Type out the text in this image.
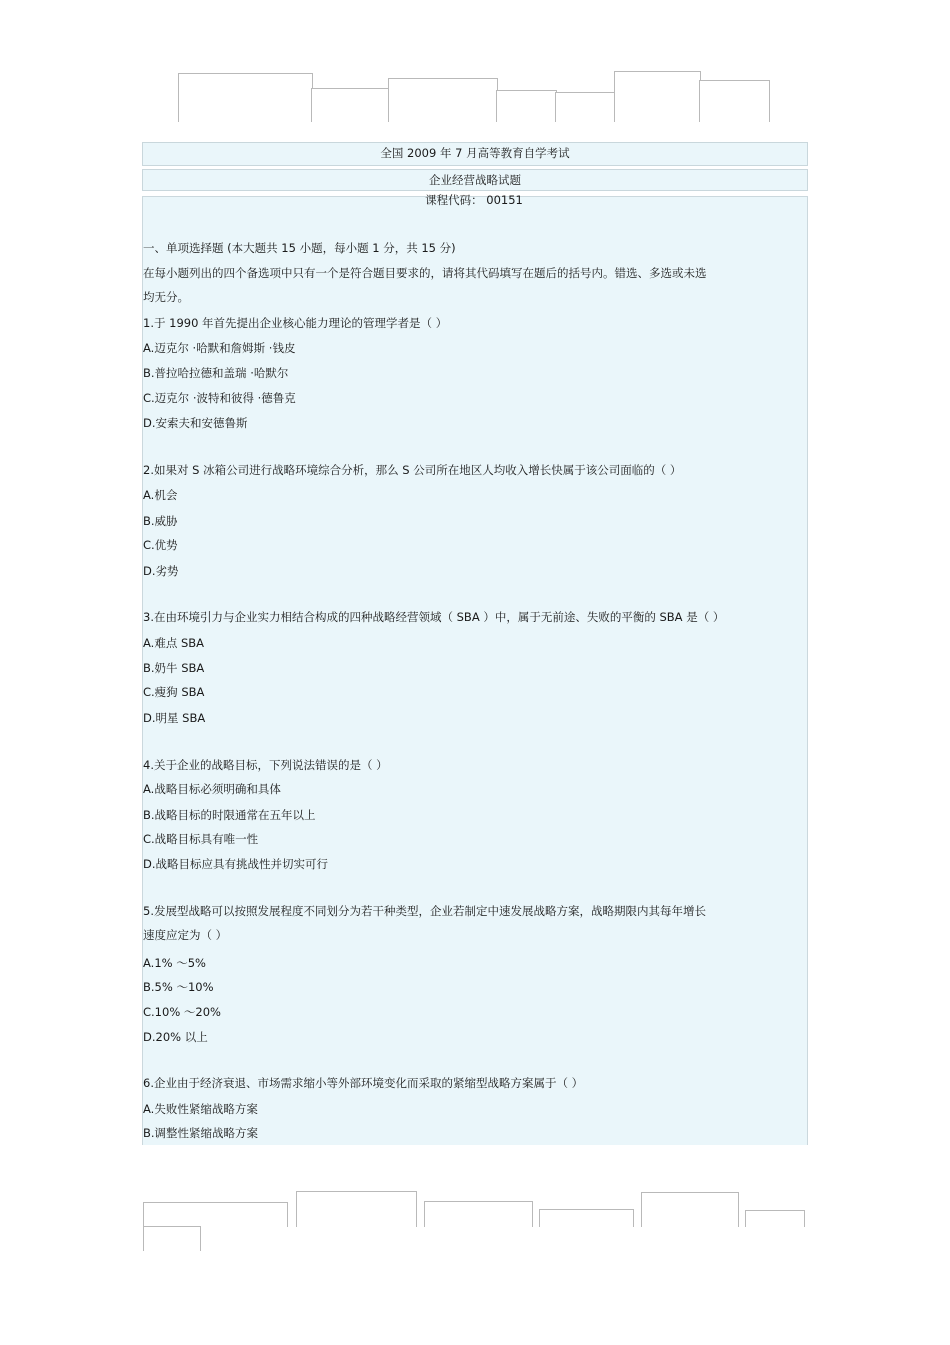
全国 2009 年 7 月高等教育自学考试
企业经营战略试题
课程代码： 00151
一、单项选择题 (本大题共 15 小题，每小题 1 分，共 15 分)
在每小题列出的四个备选项中只有一个是符合题目要求的，请将其代码填写在题后的括号内。错选、多选或未选
均无分。
1.于 1990 年首先提出企业核心能力理论的管理学者是（ ）
A.迈克尔 ·哈默和詹姆斯 ·钱皮
B.普拉哈拉德和盖瑞 ·哈默尔
C.迈克尔 ·波特和彼得 ·德鲁克
D.安索夫和安德鲁斯
2.如果对 S 冰箱公司进行战略环境综合分析，那么 S 公司所在地区人均收入增长快属于该公司面临的（ ）
A.机会
B.威胁
C.优势
D.劣势
3.在由环境引力与企业实力相结合构成的四种战略经营领域（ SBA ）中，属于无前途、失败的平衡的 SBA 是（ ）
A.难点 SBA
B.奶牛 SBA
C.瘦狗 SBA
D.明星 SBA
4.关于企业的战略目标，下列说法错误的是（ ）
A.战略目标必须明确和具体
B.战略目标的时限通常在五年以上
C.战略目标具有唯一性
D.战略目标应具有挑战性并切实可行
5.发展型战略可以按照发展程度不同划分为若干种类型，企业若制定中速发展战略方案，战略期限内其每年增长
速度应定为（ ）
A.1% ～5%
B.5% ～10%
C.10% ～20%
D.20% 以上
6.企业由于经济衰退、市场需求缩小等外部环境变化而采取的紧缩型战略方案属于（ ）
A.失败性紧缩战略方案
B.调整性紧缩战略方案
